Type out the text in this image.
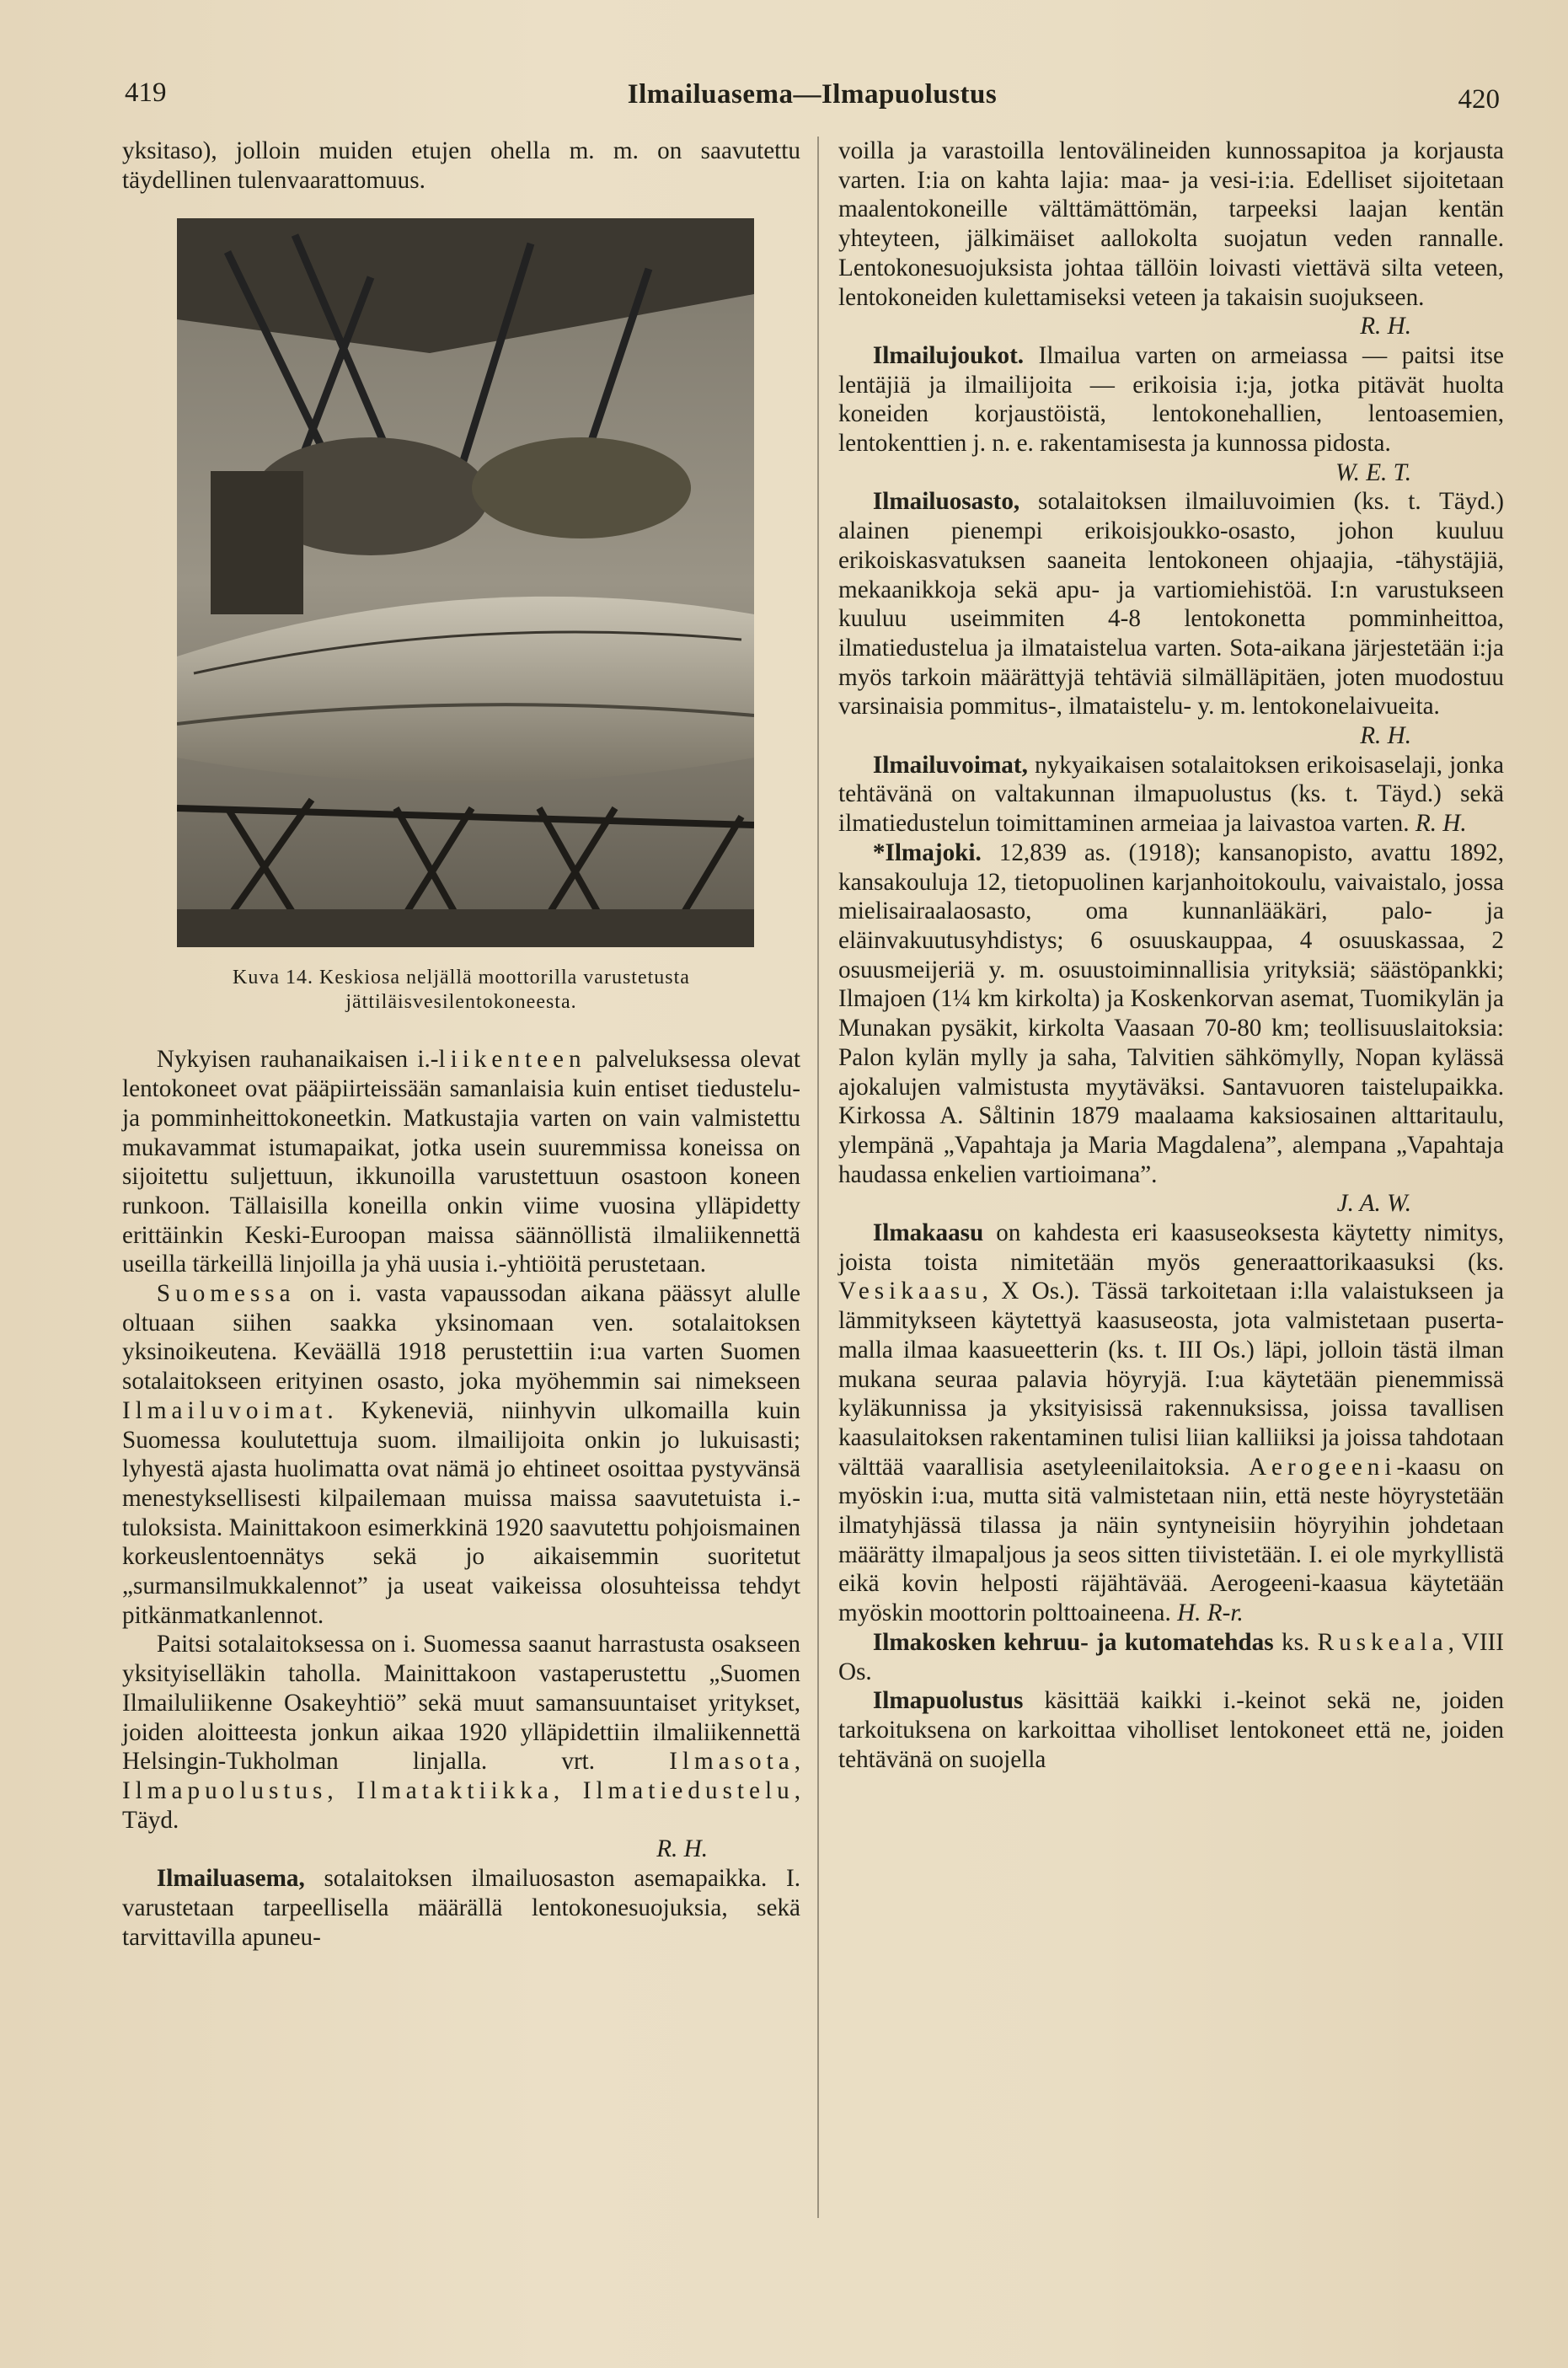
419	Ilmailuasema—Ilmapuolustus	420

yksitaso), jolloin muiden etujen ohella m. m. on saavutettu täydellinen tulenvaarattomuus.

Kuva 14. Keskiosa neljällä moottorilla varustetusta
jättiläisvesilentokoneesta.

Nykyisen rauhanaikaisen i.-liikenteen palveluksessa olevat lentokoneet ovat pääpiirteissään samanlaisia kuin entiset tiedustelu- ja pomminheittokoneetkin. Matkustajia varten on vain valmistettu mukavammat istumapaikat, jotka usein suuremmissa koneissa on sijoitettu suljettuun, ikkunoilla varustettuun osastoon koneen runkoon. Tällaisilla koneilla onkin viime vuosina ylläpidetty erittäinkin Keski-Euroopan maissa säännöllistä ilmaliikennettä useilla tärkeillä linjoilla ja yhä uusia i.-yhtiöitä perustetaan.

Suomessa on i. vasta vapaussodan aikana päässyt alulle oltuaan siihen saakka yksinomaan ven. sotalaitoksen yksinoikeutena. Keväällä 1918 perustettiin i:ua varten Suomen sotalaitokseen erityinen osasto, joka myöhemmin sai nimekseen Ilmailuvoimat. Kykeneviä, niinhyvin ulkomailla kuin Suomessa koulutettuja suom. ilmailijoita onkin jo lukuisasti; lyhyestä ajasta huolimatta ovat nämä jo ehtineet osoittaa pystyvänsä menestyksellisesti kilpailemaan muissa maissa saavutetuista i.-tuloksista. Mainittakoon esimerkkinä 1920 saavutettu pohjoismainen korkeuslentoennätys sekä jo aikaisemmin suoritetut „surmansilmukkalennot” ja useat vaikeissa olosuhteissa tehdyt pitkänmatkanlennot.

Paitsi sotalaitoksessa on i. Suomessa saanut harrastusta osakseen yksityiselläkin taholla. Mainittakoon vastaperustettu „Suomen Ilmailuliikenne Osakeyhtiö” sekä muut samansuuntaiset yritykset, joiden aloitteesta jonkun aikaa 1920 ylläpidettiin ilmaliikennettä Helsingin-Tukholman linjalla. vrt. Ilmasota, Ilmapuolustus, Ilmataktiikka, Ilmatiedustelu, Täyd.

R. H.

Ilmailuasema, sotalaitoksen ilmailuosaston asemapaikka. I. varustetaan tarpeellisella määrällä lentokonesuojuksia, sekä tarvittavilla apuneu-

voilla ja varastoilla lentovälineiden kunnossapitoa ja korjausta varten. I:ia on kahta lajia: maa- ja vesi-i:ia. Edelliset sijoitetaan maalentokoneille välttämättömän, tarpeeksi laajan kentän yhteyteen, jälkimäiset aallokolta suojatun veden rannalle. Lentokonesuojuksista johtaa tällöin loivasti viettävä silta veteen, lentokoneiden kulettamiseksi veteen ja takaisin suojukseen.

R. H.

Ilmailujoukot. Ilmailua varten on armeiassa — paitsi itse lentäjiä ja ilmailijoita — erikoisia i:ja, jotka pitävät huolta koneiden korjaustöistä, lentokonehallien, lentoasemien, lentokenttien j. n. e. rakentamisesta ja kunnossa pidosta.

W. E. T.

Ilmailuosasto, sotalaitoksen ilmailuvoimien (ks. t. Täyd.) alainen pienempi erikoisjoukko-osasto, johon kuuluu erikoiskasvatuksen saaneita lentokoneen ohjaajia, -tähystäjiä, mekaanikkoja sekä apu- ja vartiomiehistöä. I:n varustukseen kuuluu useimmiten 4-8 lentokonetta pomminheittoa, ilmatiedustelua ja ilmataistelua varten. Sota-aikana järjestetään i:ja myös tarkoin määrättyjä tehtäviä silmälläpitäen, joten muodostuu varsinaisia pommitus-, ilmataistelu- y. m. lentokonelaivueita.

R. H.

Ilmailuvoimat, nykyaikaisen sotalaitoksen erikoisaselaji, jonka tehtävänä on valtakunnan ilmapuolustus (ks. t. Täyd.) sekä ilmatiedustelun toimittaminen armeiaa ja laivastoa varten. R. H.

*Ilmajoki. 12,839 as. (1918); kansanopisto, avattu 1892, kansakouluja 12, tietopuolinen karjanhoitokoulu, vaivaistalo, jossa mielisairaalaosasto, oma kunnanlääkäri, palo- ja eläinvakuutusyhdistys; 6 osuuskauppaa, 4 osuuskassaa, 2 osuusmeijeriä y. m. osuustoiminnallisia yrityksiä; säästöpankki; Ilmajoen (1¼ km kirkolta) ja Koskenkorvan asemat, Tuomikylän ja Munakan pysäkit, kirkolta Vaasaan 70-80 km; teollisuuslaitoksia: Palon kylän mylly ja saha, Talvitien sähkömylly, Nopan kylässä ajokalujen valmistusta myytäväksi. Santavuoren taistelupaikka. Kirkossa A. Såltinin 1879 maalaama kaksiosainen alttaritaulu, ylempänä „Vapahtaja ja Maria Magdalena”, alempana „Vapahtaja haudassa enkelien vartioimana”.

J. A. W.

Ilmakaasu on kahdesta eri kaasuseoksesta käytetty nimitys, joista toista nimitetään myös generaattorikaasuksi (ks. Vesikaasu, X Os.). Tässä tarkoitetaan i:lla valaistukseen ja lämmitykseen käytettyä kaasuseosta, jota valmistetaan pusertamalla ilmaa kaasueetterin (ks. t. III Os.) läpi, jolloin tästä ilman mukana seuraa palavia höyryjä. I:ua käytetään pienemmissä kyläkunnissa ja yksityisissä rakennuksissa, joissa tavallisen kaasulaitoksen rakentaminen tulisi liian kalliiksi ja joissa tahdotaan välttää vaarallisia asetyleenilaitoksia. Aerogeeni-kaasu on myöskin i:ua, mutta sitä valmistetaan niin, että neste höyrystetään ilmatyhjässä tilassa ja näin syntyneisiin höyryihin johdetaan määrätty ilmapaljous ja seos sitten tiivistetään. I. ei ole myrkyllistä eikä kovin helposti räjähtävää. Aerogeeni-kaasua käytetään myöskin moottorin polttoaineena. H. R-r.

Ilmakosken kehruu- ja kutomatehdas ks. Ruskeala, VIII Os.

Ilmapuolustus käsittää kaikki i.-keinot sekä ne, joiden tarkoituksena on karkoittaa viholliset lentokoneet että ne, joiden tehtävänä on suojella
